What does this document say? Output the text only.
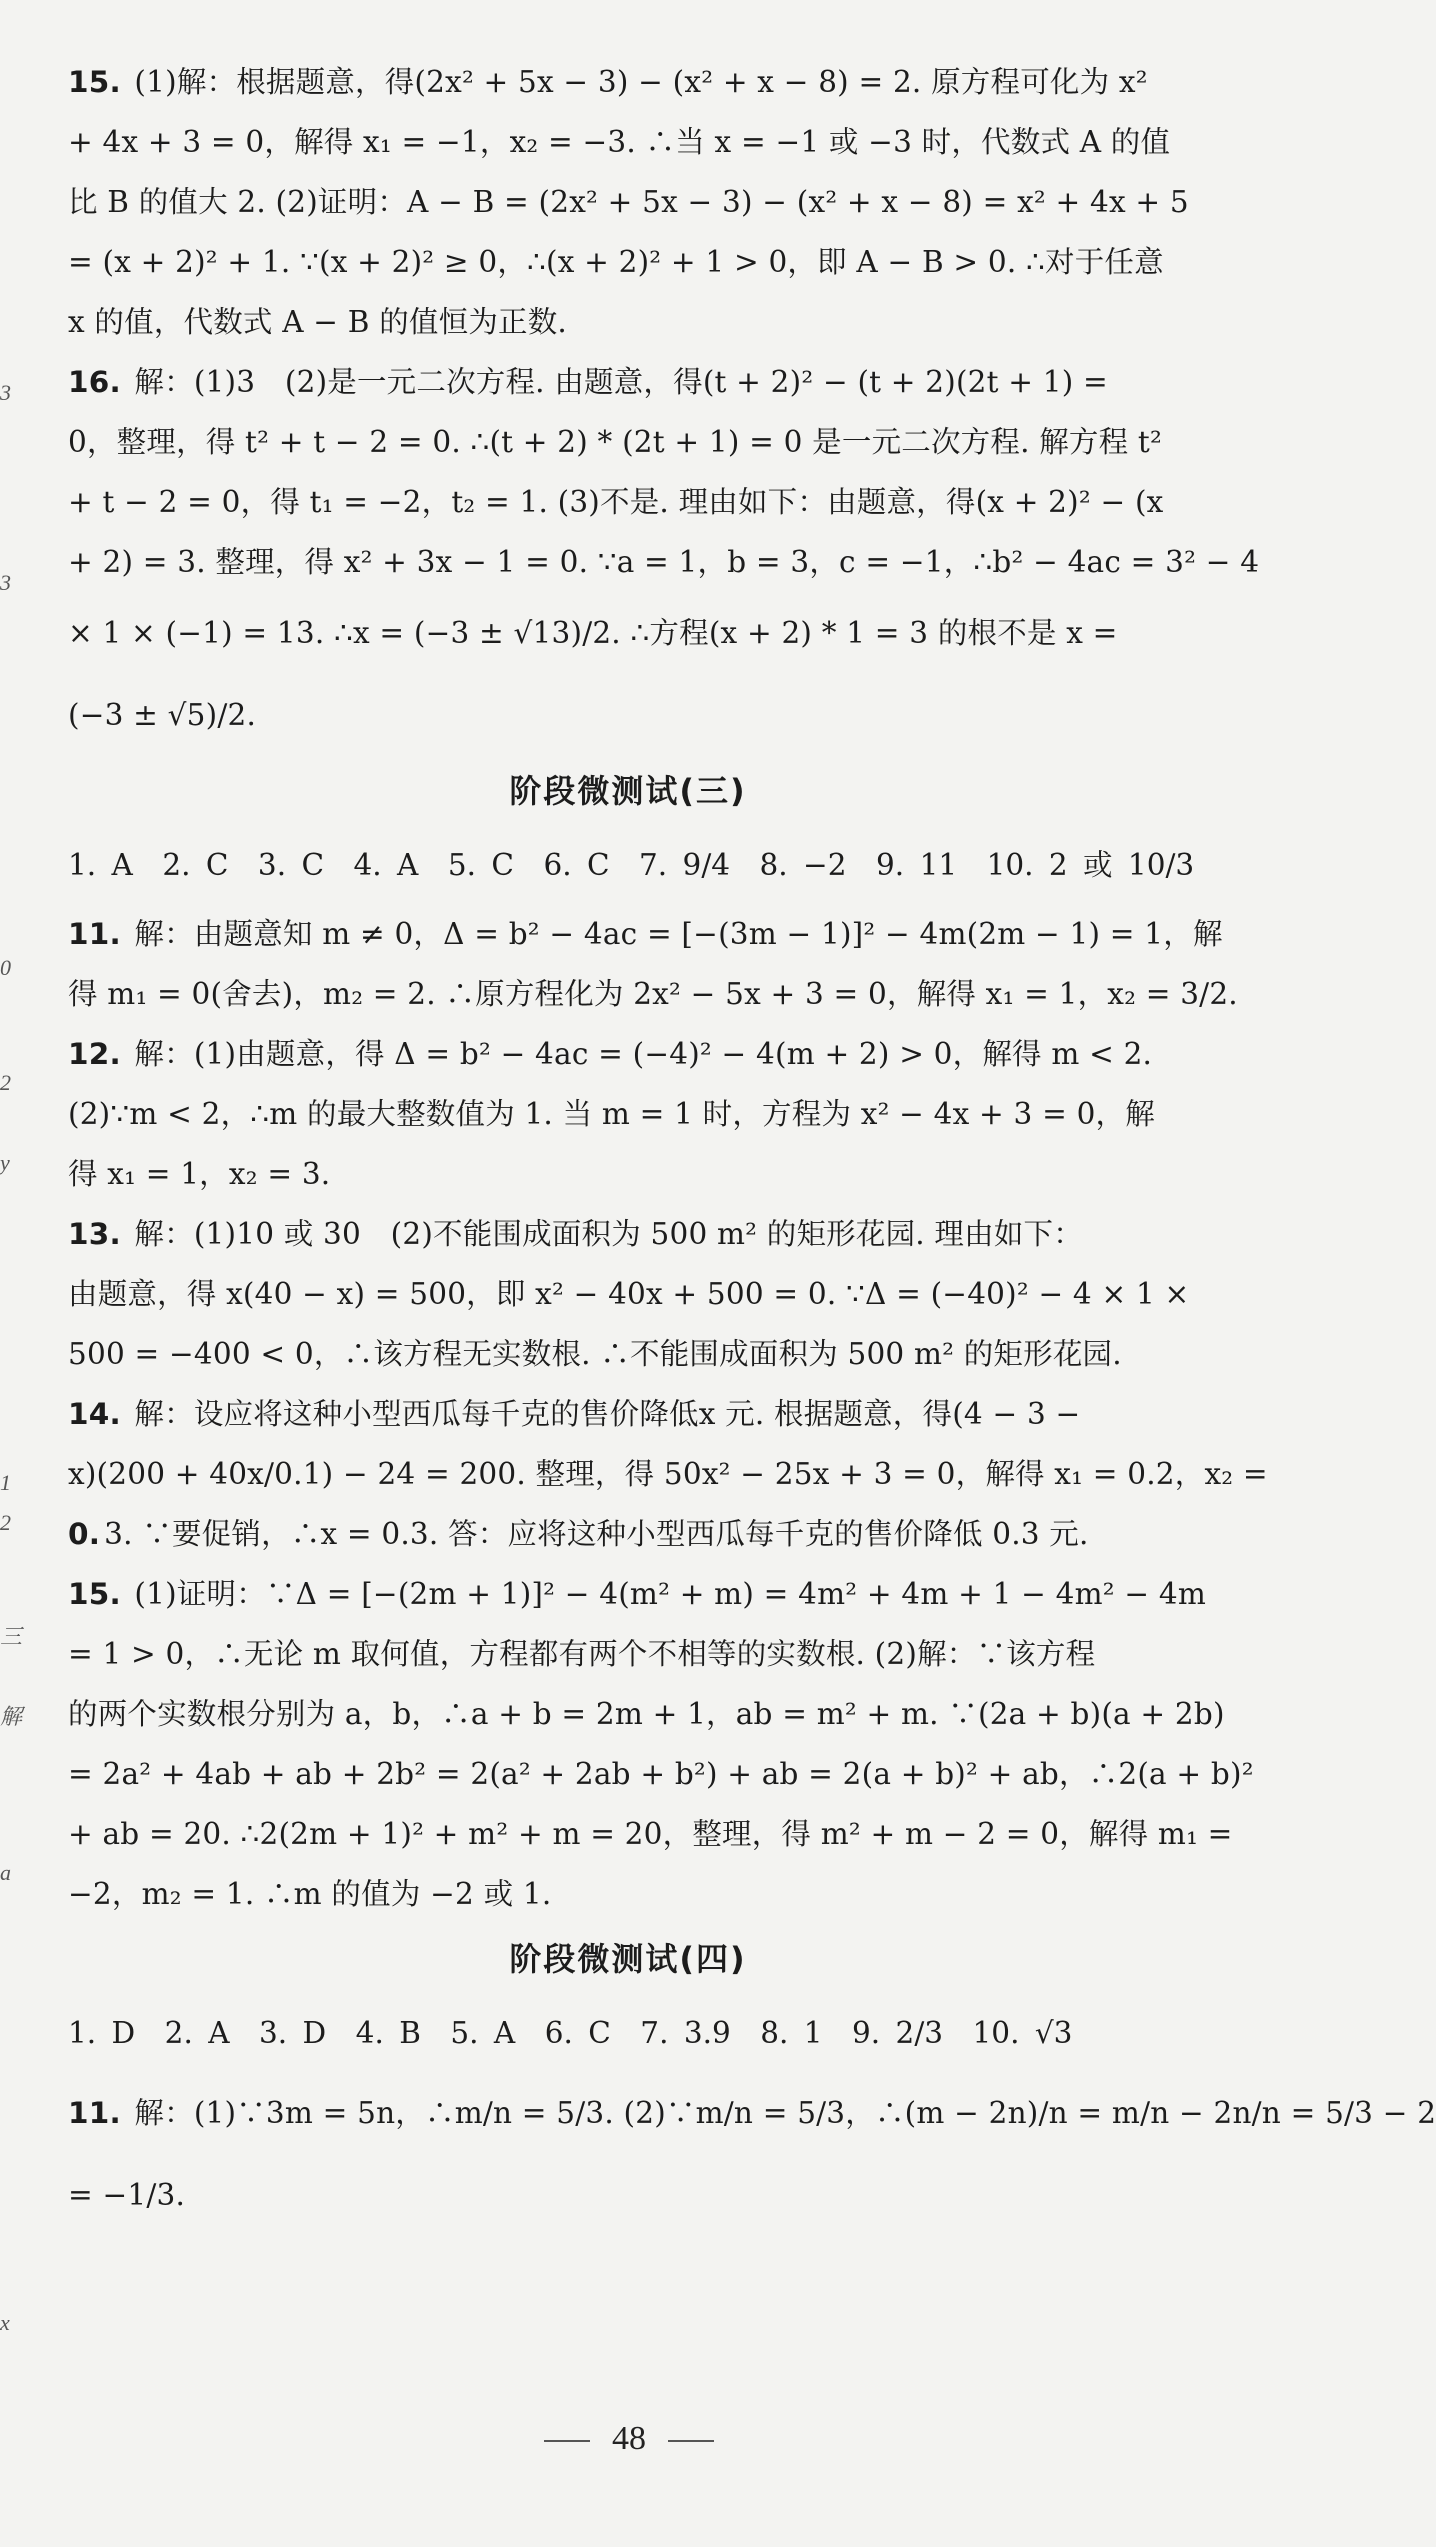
3
3
0
2
y
1
2
三
解
a
x
15. (1)解：根据题意，得(2x² + 5x − 3) − (x² + x − 8) = 2. 原方程可化为 x²
+ 4x + 3 = 0，解得 x₁ = −1，x₂ = −3. ∴当 x = −1 或 −3 时，代数式 A 的值
比 B 的值大 2. (2)证明：A − B = (2x² + 5x − 3) − (x² + x − 8) = x² + 4x + 5
= (x + 2)² + 1. ∵(x + 2)² ≥ 0，∴(x + 2)² + 1 > 0，即 A − B > 0. ∴对于任意
x 的值，代数式 A − B 的值恒为正数.
16. 解：(1)3　(2)是一元二次方程. 由题意，得(t + 2)² − (t + 2)(2t + 1) =
0，整理，得 t² + t − 2 = 0. ∴(t + 2) * (2t + 1) = 0 是一元二次方程. 解方程 t²
+ t − 2 = 0，得 t₁ = −2，t₂ = 1. (3)不是. 理由如下：由题意，得(x + 2)² − (x
+ 2) = 3. 整理，得 x² + 3x − 1 = 0. ∵a = 1，b = 3，c = −1，∴b² − 4ac = 3² − 4
× 1 × (−1) = 13. ∴x = (−3 ± √13)/2. ∴方程(x + 2) * 1 = 3 的根不是 x =
(−3 ± √5)/2.
阶段微测试(三)
1. A　2. C　3. C　4. A　5. C　6. C　7. 9/4　8. −2　9. 11　10. 2 或 10/3
11. 解：由题意知 m ≠ 0，Δ = b² − 4ac = [−(3m − 1)]² − 4m(2m − 1) = 1，解
得 m₁ = 0(舍去)，m₂ = 2. ∴原方程化为 2x² − 5x + 3 = 0，解得 x₁ = 1，x₂ = 3/2.
12. 解：(1)由题意，得 Δ = b² − 4ac = (−4)² − 4(m + 2) > 0，解得 m < 2.
(2)∵m < 2，∴m 的最大整数值为 1. 当 m = 1 时，方程为 x² − 4x + 3 = 0，解
得 x₁ = 1，x₂ = 3.
13. 解：(1)10 或 30　(2)不能围成面积为 500 m² 的矩形花园. 理由如下：
由题意，得 x(40 − x) = 500，即 x² − 40x + 500 = 0. ∵Δ = (−40)² − 4 × 1 ×
500 = −400 < 0，∴该方程无实数根. ∴不能围成面积为 500 m² 的矩形花园.
14. 解：设应将这种小型西瓜每千克的售价降低x 元. 根据题意，得(4 − 3 −
x)(200 + 40x/0.1) − 24 = 200. 整理，得 50x² − 25x + 3 = 0，解得 x₁ = 0.2，x₂ =
0. 3. ∵要促销，∴x = 0.3. 答：应将这种小型西瓜每千克的售价降低 0.3 元.
15. (1)证明：∵Δ = [−(2m + 1)]² − 4(m² + m) = 4m² + 4m + 1 − 4m² − 4m
= 1 > 0，∴无论 m 取何值，方程都有两个不相等的实数根. (2)解：∵该方程
的两个实数根分别为 a，b，∴a + b = 2m + 1，ab = m² + m. ∵(2a + b)(a + 2b)
= 2a² + 4ab + ab + 2b² = 2(a² + 2ab + b²) + ab = 2(a + b)² + ab，∴2(a + b)²
+ ab = 20. ∴2(2m + 1)² + m² + m = 20，整理，得 m² + m − 2 = 0，解得 m₁ =
−2，m₂ = 1. ∴m 的值为 −2 或 1.
阶段微测试(四)
1. D　2. A　3. D　4. B　5. A　6. C　7. 3.9　8. 1　9. 2/3　10. √3
11. 解：(1)∵3m = 5n，∴m/n = 5/3. (2)∵m/n = 5/3，∴(m − 2n)/n = m/n − 2n/n = 5/3 − 2
= −1/3.
48
